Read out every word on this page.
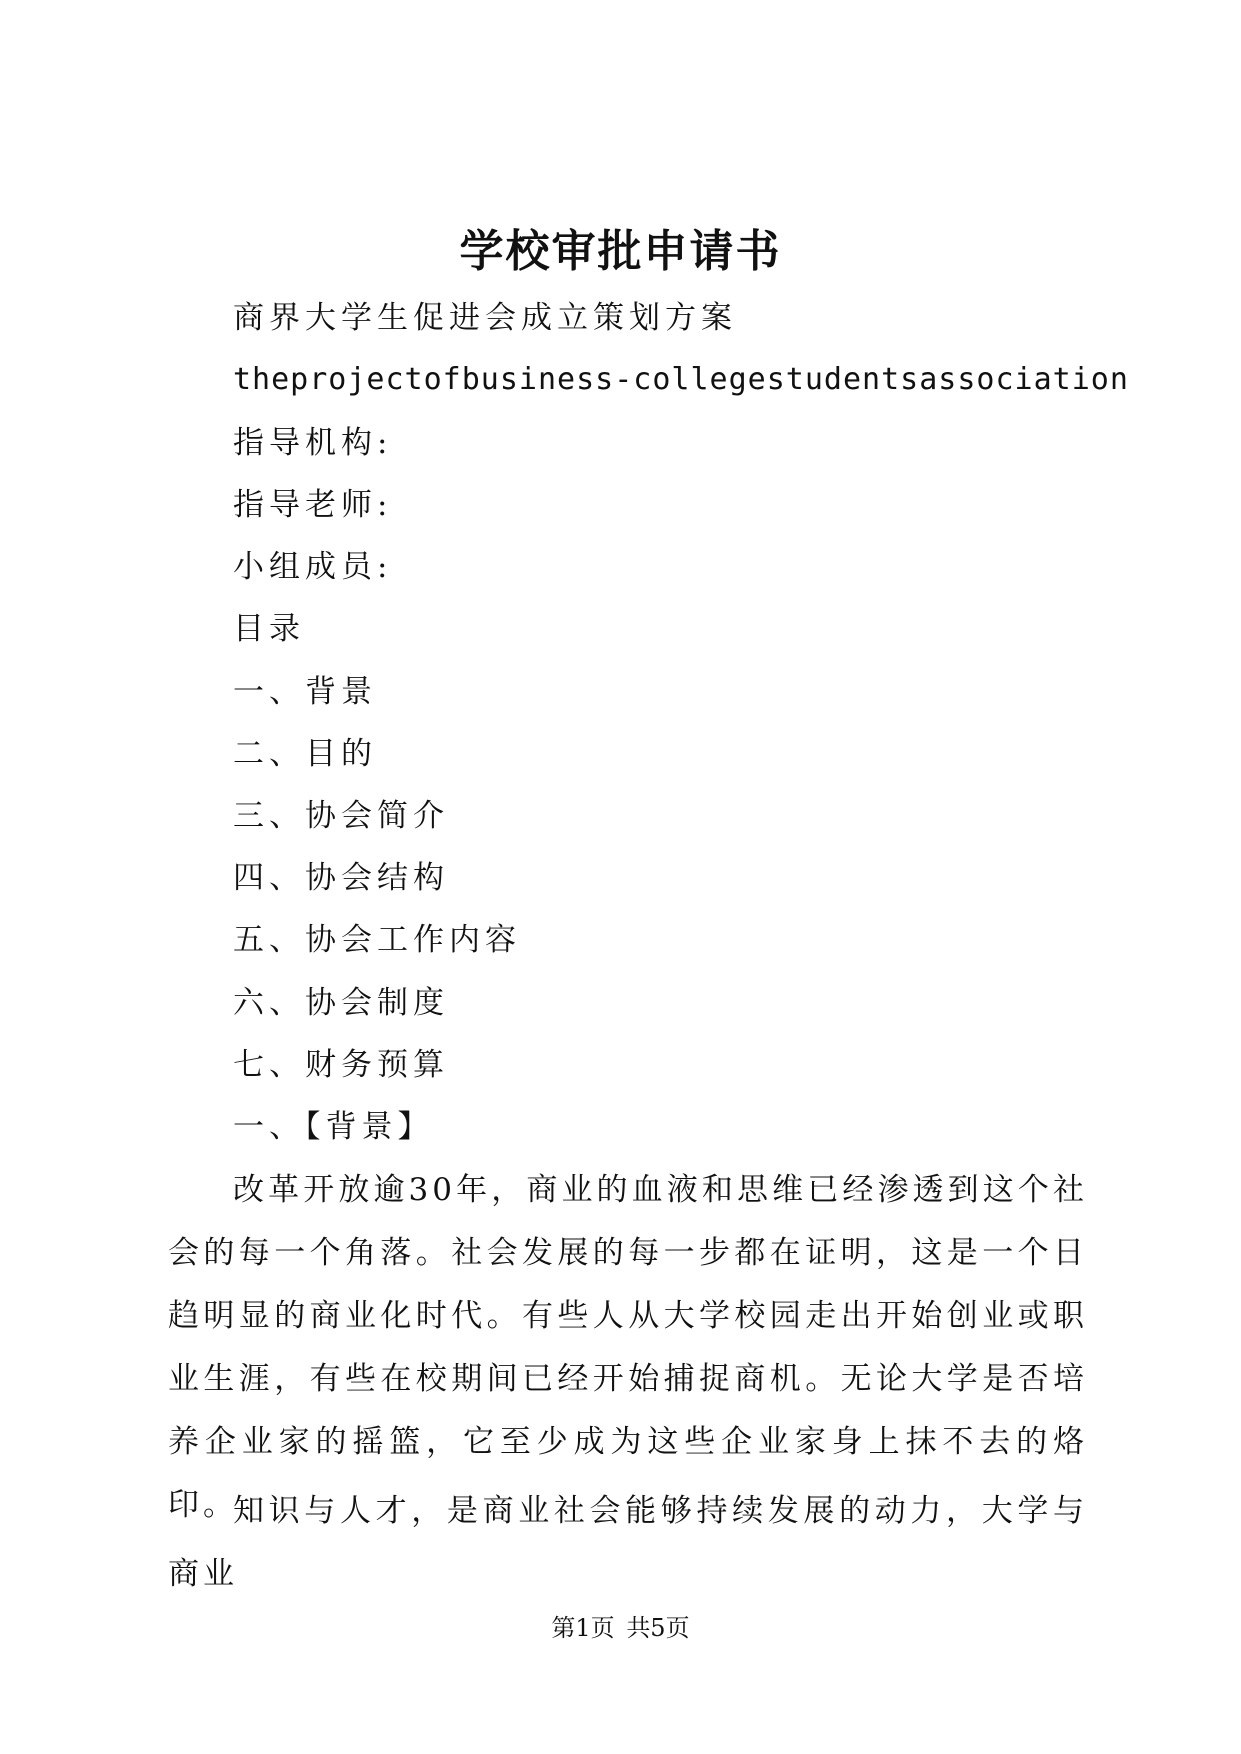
学校审批申请书
商界大学生促进会成立策划方案
theprojectofbusiness-collegestudentsassociation
指导机构:
指导老师:
小组成员:
目录
一、背景
二、目的
三、协会简介
四、协会结构
五、协会工作内容
六、协会制度
七、财务预算
一、【背景】
改革开放逾30年，商业的血液和思维已经渗透到这个社会的每一个角落。社会发展的每一步都在证明，这是一个日趋明显的商业化时代。有些人从大学校园走出开始创业或职业生涯，有些在校期间已经开始捕捉商机。无论大学是否培养企业家的摇篮，它至少成为这些企业家身上抹不去的烙印。
知识与人才，是商业社会能够持续发展的动力，大学与商业
第1页 共5页
